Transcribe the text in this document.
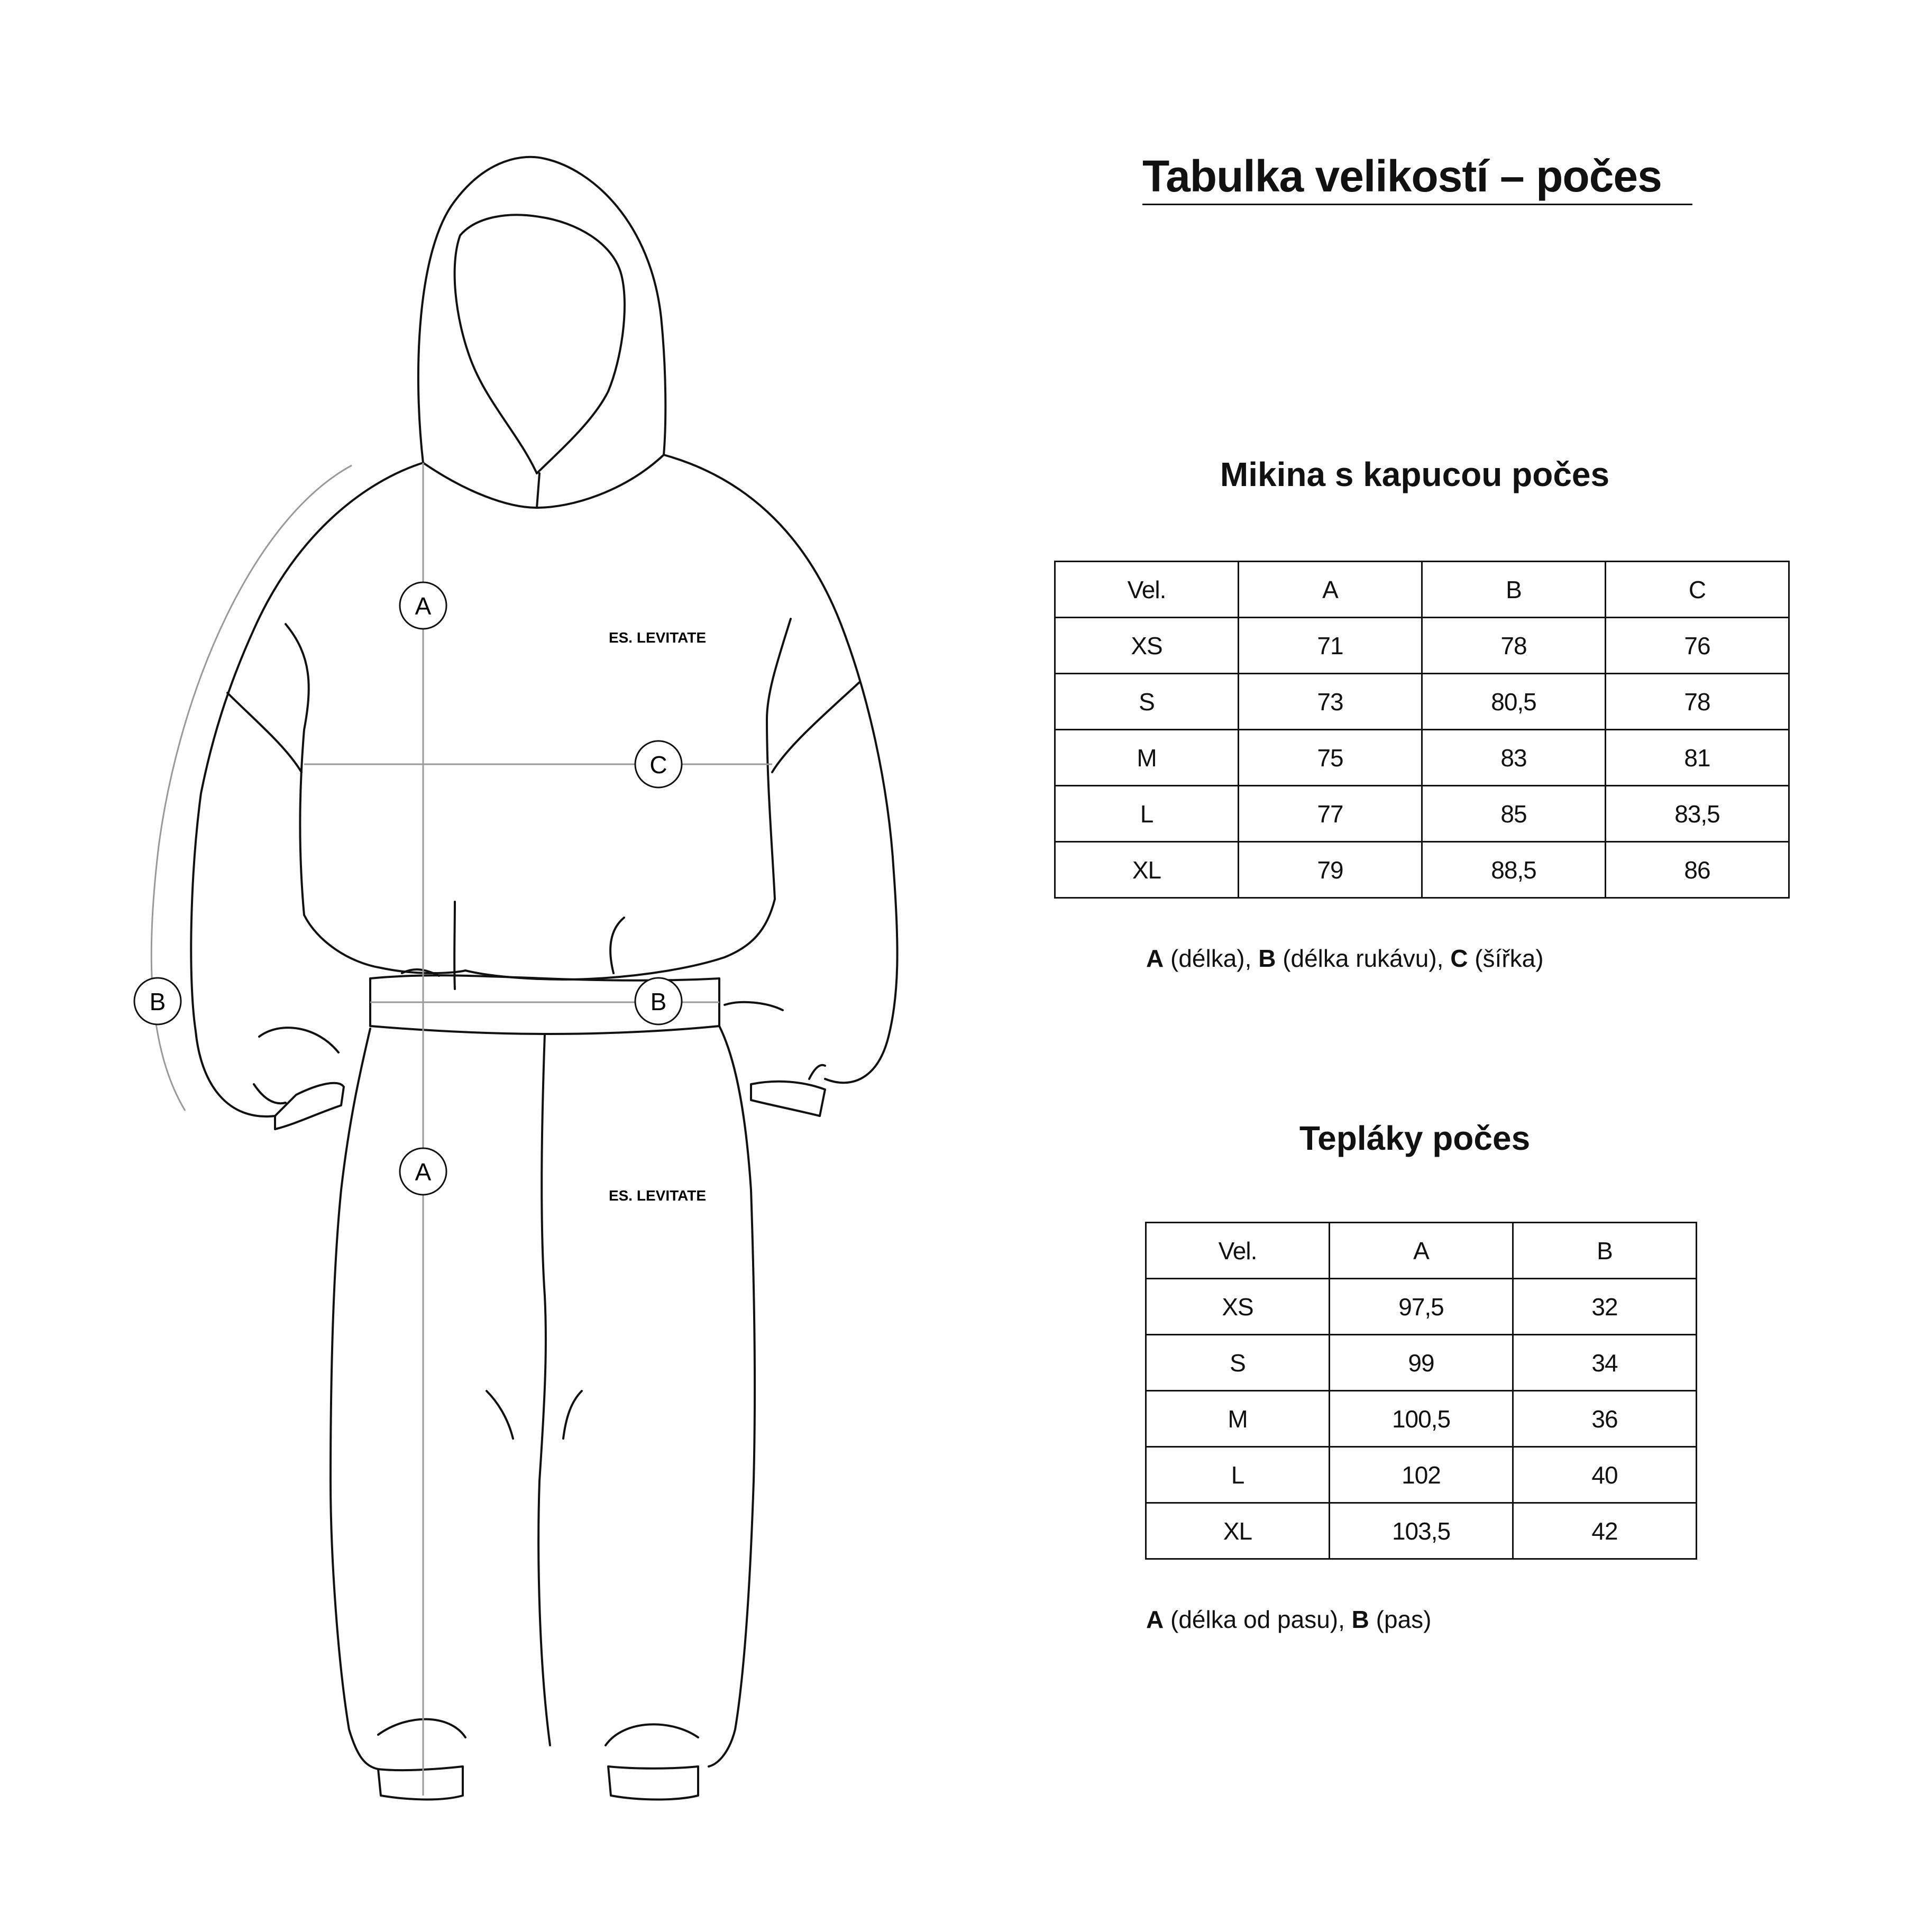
A
C
B	B
A
ES. LEVITATE
ES. LEVITATE
Tabulka velikostí – počes
Mikina s kapucou počes
Vel.	A	B	C
XS	71	78	76
S	73	80,5	78
M	75	83	81
L	77	85	83,5
XL	79	88,5	86
A (délka), B (délka rukávu), C (šířka)
Tepláky počes
Vel.	A	B
XS	97,5	32
S	99	34
M	100,5	36
L	102	40
XL	103,5	42
A (délka od pasu), B (pas)
